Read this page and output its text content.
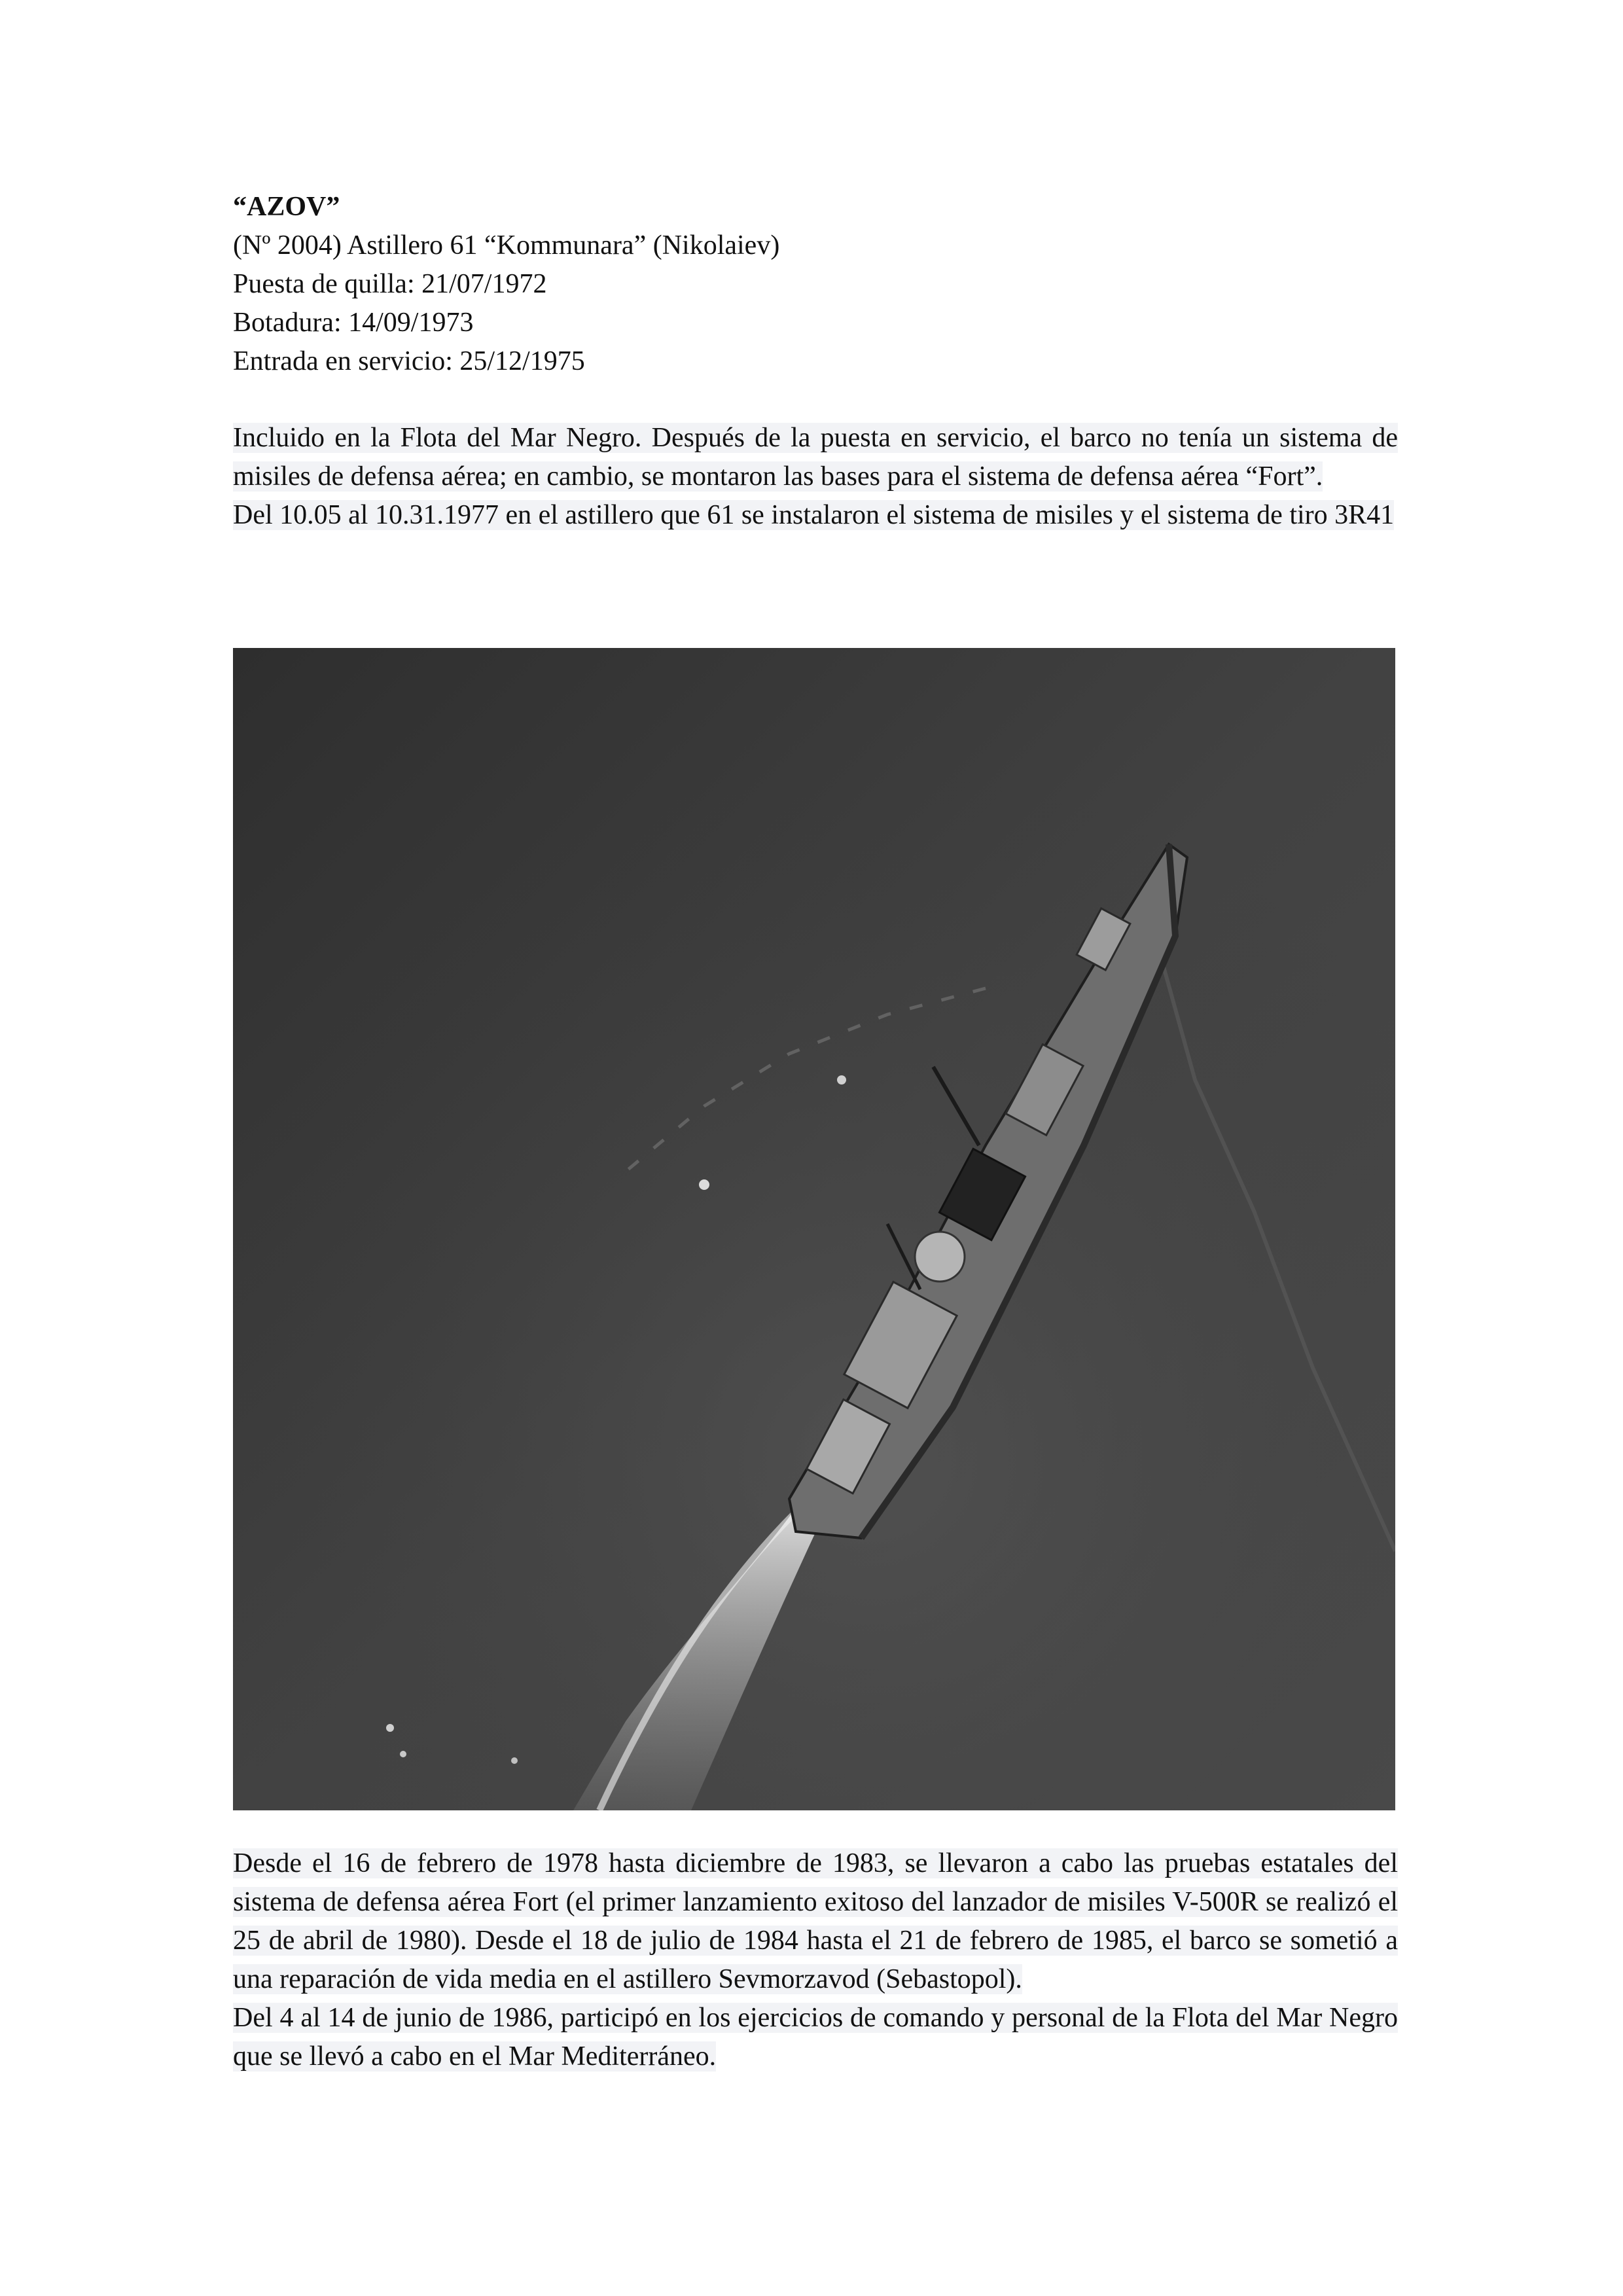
“AZOV”
(Nº 2004) Astillero 61 “Kommunara” (Nikolaiev)
Puesta de quilla: 21/07/1972
Botadura: 14/09/1973
Entrada en servicio: 25/12/1975
Incluido en la Flota del Mar Negro. Después de la puesta en servicio, el barco no tenía un sistema de misiles de defensa aérea; en cambio, se montaron las bases para el sistema de defensa aérea “Fort”.
Del 10.05 al 10.31.1977 en el astillero que 61 se instalaron el sistema de misiles y el sistema de tiro 3R41
Desde el 16 de febrero de 1978 hasta diciembre de 1983, se llevaron a cabo las pruebas estatales del sistema de defensa aérea Fort (el primer lanzamiento exitoso del lanzador de misiles V-500R se realizó el 25 de abril de 1980). Desde el 18 de julio de 1984 hasta el 21 de febrero de 1985, el barco se sometió a una reparación de vida media en el astillero Sevmorzavod (Sebastopol).
Del 4 al 14 de junio de 1986, participó en los ejercicios de comando y personal de la Flota del Mar Negro que se llevó a cabo en el Mar Mediterráneo.
